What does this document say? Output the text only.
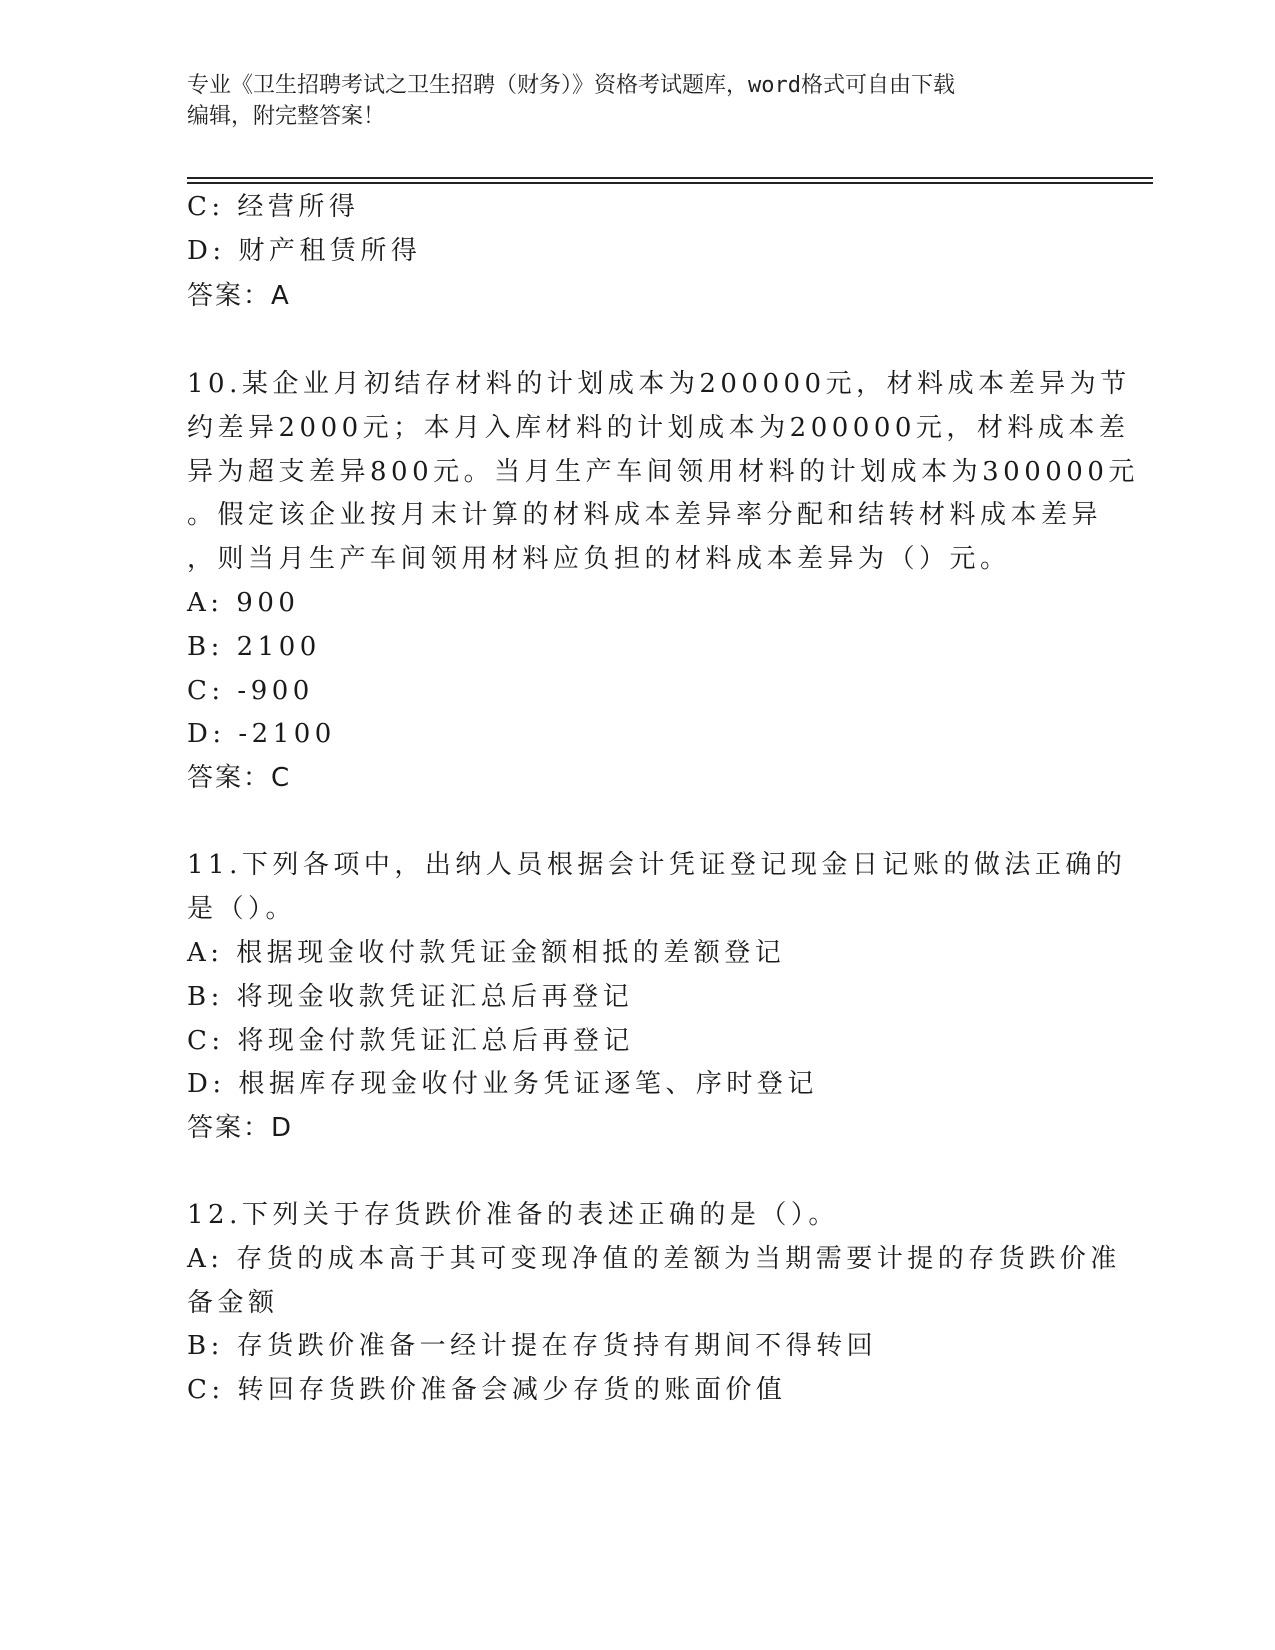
专业《卫生招聘考试之卫生招聘（财务）》资格考试题库，word格式可自由下载
编辑，附完整答案！
C: 经营所得
D: 财产租赁所得
答案：A
10.某企业月初结存材料的计划成本为200000元，材料成本差异为节
约差异2000元；本月入库材料的计划成本为200000元，材料成本差
异为超支差异800元。当月生产车间领用材料的计划成本为300000元
。假定该企业按月末计算的材料成本差异率分配和结转材料成本差异
，则当月生产车间领用材料应负担的材料成本差异为（）元。
A: 900
B: 2100
C: -900
D: -2100
答案：C
11.下列各项中，出纳人员根据会计凭证登记现金日记账的做法正确的
是（）。
A: 根据现金收付款凭证金额相抵的差额登记
B: 将现金收款凭证汇总后再登记
C: 将现金付款凭证汇总后再登记
D: 根据库存现金收付业务凭证逐笔、序时登记
答案：D
12.下列关于存货跌价准备的表述正确的是（）。
A: 存货的成本高于其可变现净值的差额为当期需要计提的存货跌价准
备金额
B: 存货跌价准备一经计提在存货持有期间不得转回
C: 转回存货跌价准备会减少存货的账面价值
